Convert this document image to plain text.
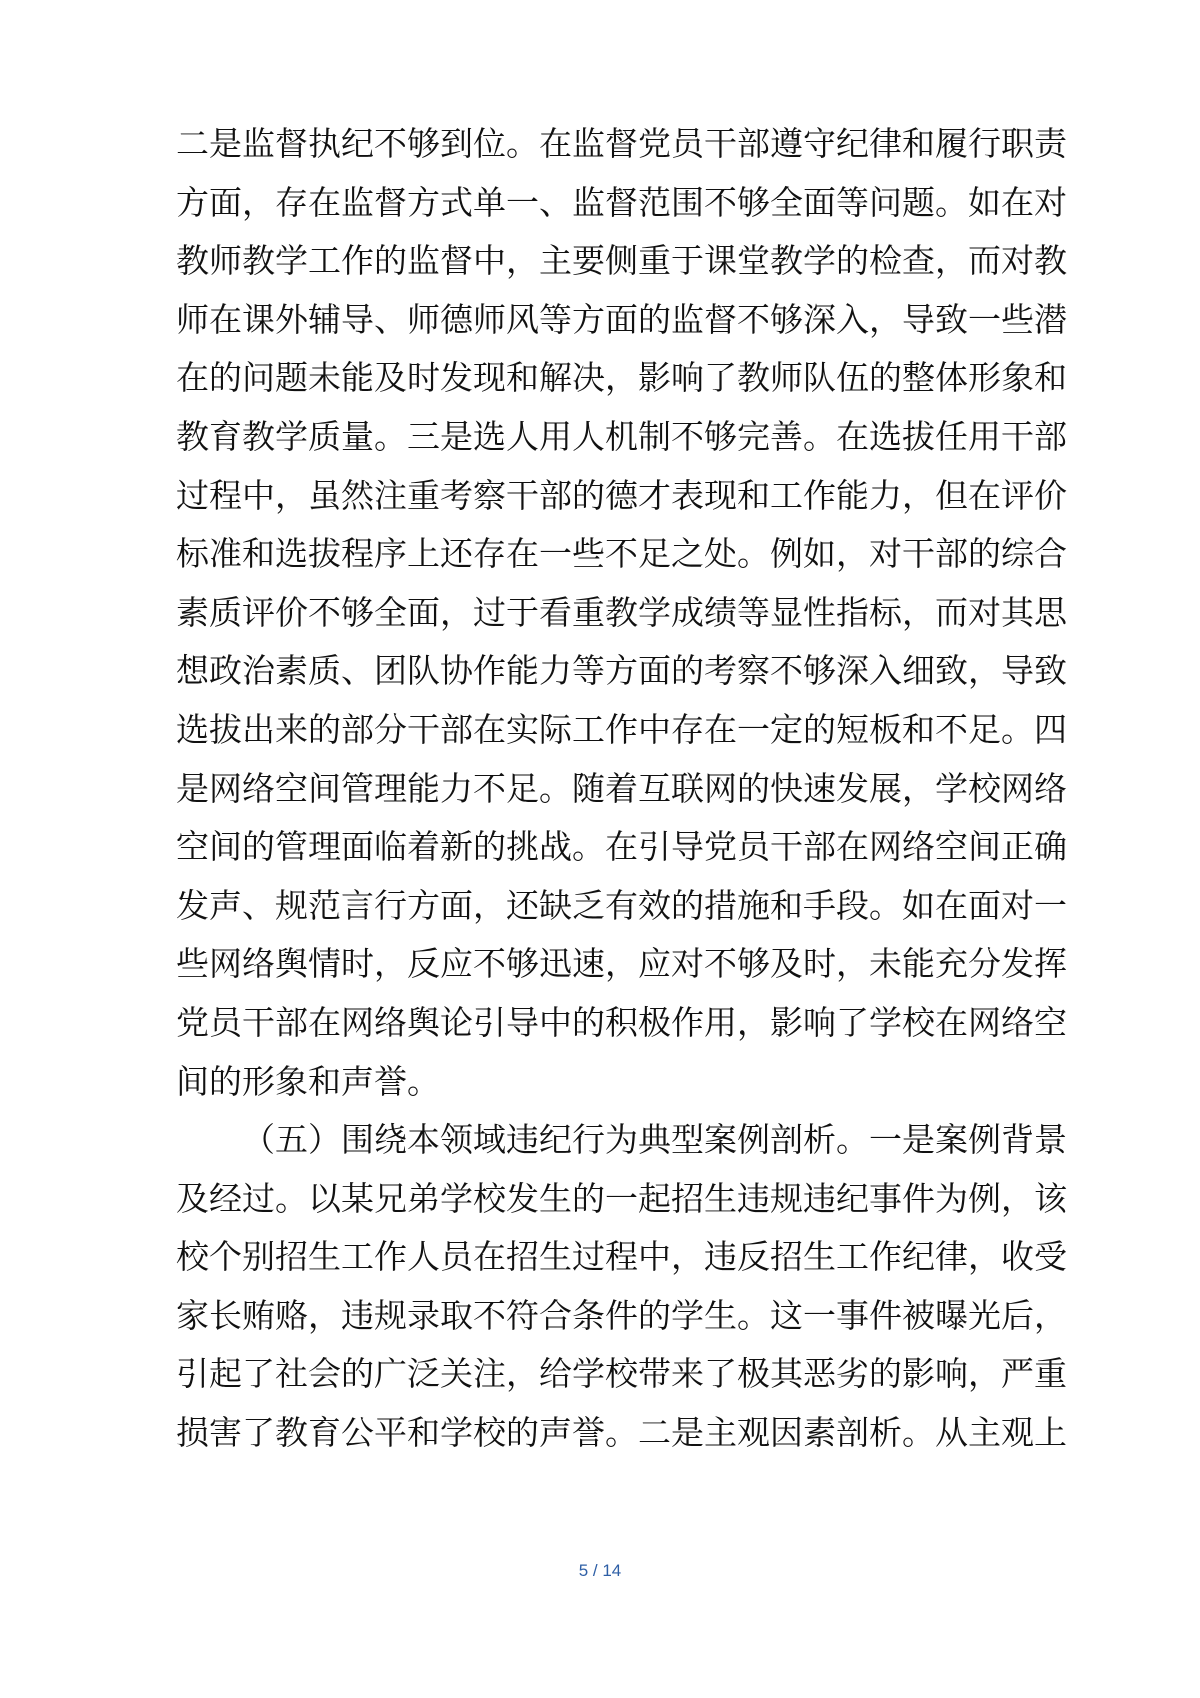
二是监督执纪不够到位。在监督党员干部遵守纪律和履行职责
方面，存在监督方式单一、监督范围不够全面等问题。如在对
教师教学工作的监督中，主要侧重于课堂教学的检查，而对教
师在课外辅导、师德师风等方面的监督不够深入，导致一些潜
在的问题未能及时发现和解决，影响了教师队伍的整体形象和
教育教学质量。三是选人用人机制不够完善。在选拔任用干部
过程中，虽然注重考察干部的德才表现和工作能力，但在评价
标准和选拔程序上还存在一些不足之处。例如，对干部的综合
素质评价不够全面，过于看重教学成绩等显性指标，而对其思
想政治素质、团队协作能力等方面的考察不够深入细致，导致
选拔出来的部分干部在实际工作中存在一定的短板和不足。四
是网络空间管理能力不足。随着互联网的快速发展，学校网络
空间的管理面临着新的挑战。在引导党员干部在网络空间正确
发声、规范言行方面，还缺乏有效的措施和手段。如在面对一
些网络舆情时，反应不够迅速，应对不够及时，未能充分发挥
党员干部在网络舆论引导中的积极作用，影响了学校在网络空
间的形象和声誉。
（五）围绕本领域违纪行为典型案例剖析。一是案例背景
及经过。以某兄弟学校发生的一起招生违规违纪事件为例，该
校个别招生工作人员在招生过程中，违反招生工作纪律，收受
家长贿赂，违规录取不符合条件的学生。这一事件被曝光后，
引起了社会的广泛关注，给学校带来了极其恶劣的影响，严重
损害了教育公平和学校的声誉。二是主观因素剖析。从主观上
5 / 14
